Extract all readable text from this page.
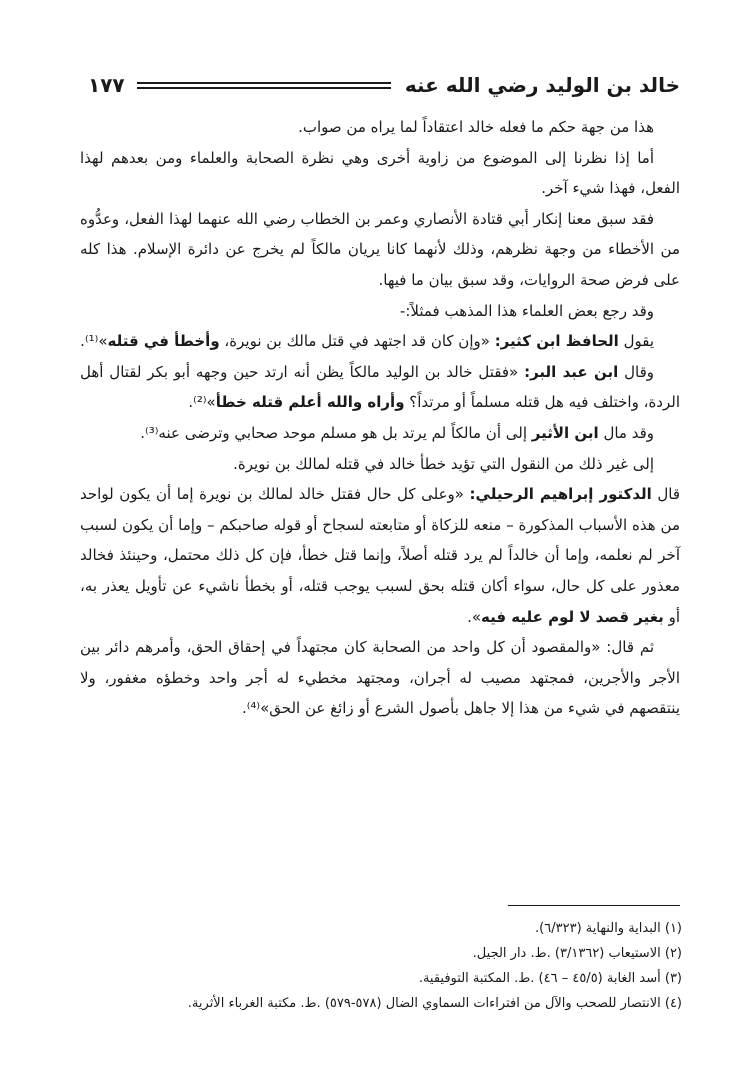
١٧٧	خالد بن الوليد رضي الله عنه

هذا من جهة حكم ما فعله خالد اعتقاداً لما يراه من صواب.

أما إذا نظرنا إلى الموضوع من زاوية أخرى وهي نظرة الصحابة والعلماء ومن بعدهم لهذا الفعل، فهذا شيء آخر.

فقد سبق معنا إنكار أبي قتادة الأنصاري وعمر بن الخطاب رضي الله عنهما لهذا الفعل، وعدُّوه من الأخطاء من وجهة نظرهم، وذلك لأنهما كانا يريان مالكاً لم يخرج عن دائرة الإسلام. هذا كله على فرض صحة الروايات، وقد سبق بيان ما فيها.

وقد رجع بعض العلماء هذا المذهب فمثلاً:-

يقول الحافظ ابن كثير: «وإن كان قد اجتهد في قتل مالك بن نويرة، وأخطأ في قتله»⁽¹⁾.

وقال ابن عبد البر: «فقتل خالد بن الوليد مالكاً يظن أنه ارتد حين وجهه أبو بكر لقتال أهل الردة، واختلف فيه هل قتله مسلماً أو مرتداً؟ وأراه والله أعلم قتله خطأ»⁽²⁾.

وقد مال ابن الأثير إلى أن مالكاً لم يرتد بل هو مسلم موحد صحابي وترضى عنه⁽³⁾.

إلى غير ذلك من النقول التي تؤيد خطأ خالد في قتله لمالك بن نويرة.

قال الدكتور إبراهيم الرحيلي: «وعلى كل حال فقتل خالد لمالك بن نويرة إما أن يكون لواحد من هذه الأسباب المذكورة – منعه للزكاة أو متابعته لسجاح أو قوله صاحبكم – وإما أن يكون لسبب آخر لم نعلمه، وإما أن خالداً لم يرد قتله أصلاً، وإنما قتل خطأ، فإن كل ذلك محتمل، وحينئذ فخالد معذور على كل حال، سواء أكان قتله بحق لسبب يوجب قتله، أو بخطأ ناشيء عن تأويل يعذر به، أو بغير قصد لا لوم عليه فيه».

ثم قال: «والمقصود أن كل واحد من الصحابة كان مجتهداً في إحقاق الحق، وأمرهم دائر بين الأجر والأجرين، فمجتهد مصيب له أجران، ومجتهد مخطيء له أجر واحد وخطؤه مغفور، ولا ينتقصهم في شيء من هذا إلا جاهل بأصول الشرع أو زائغ عن الحق»⁽⁴⁾.

(١) البداية والنهاية (٦/٣٢٣).
(٢) الاستيعاب (٣/١٣٦٢) .ط. دار الجيل.
(٣) أسد الغابة (٤٥/٥ – ٤٦) .ط. المكتبة التوفيقية.
(٤) الانتصار للصحب والآل من افتراءات السماوي الضال (٥٧٨-٥٧٩) .ط. مكتبة الغرباء الأثرية.
